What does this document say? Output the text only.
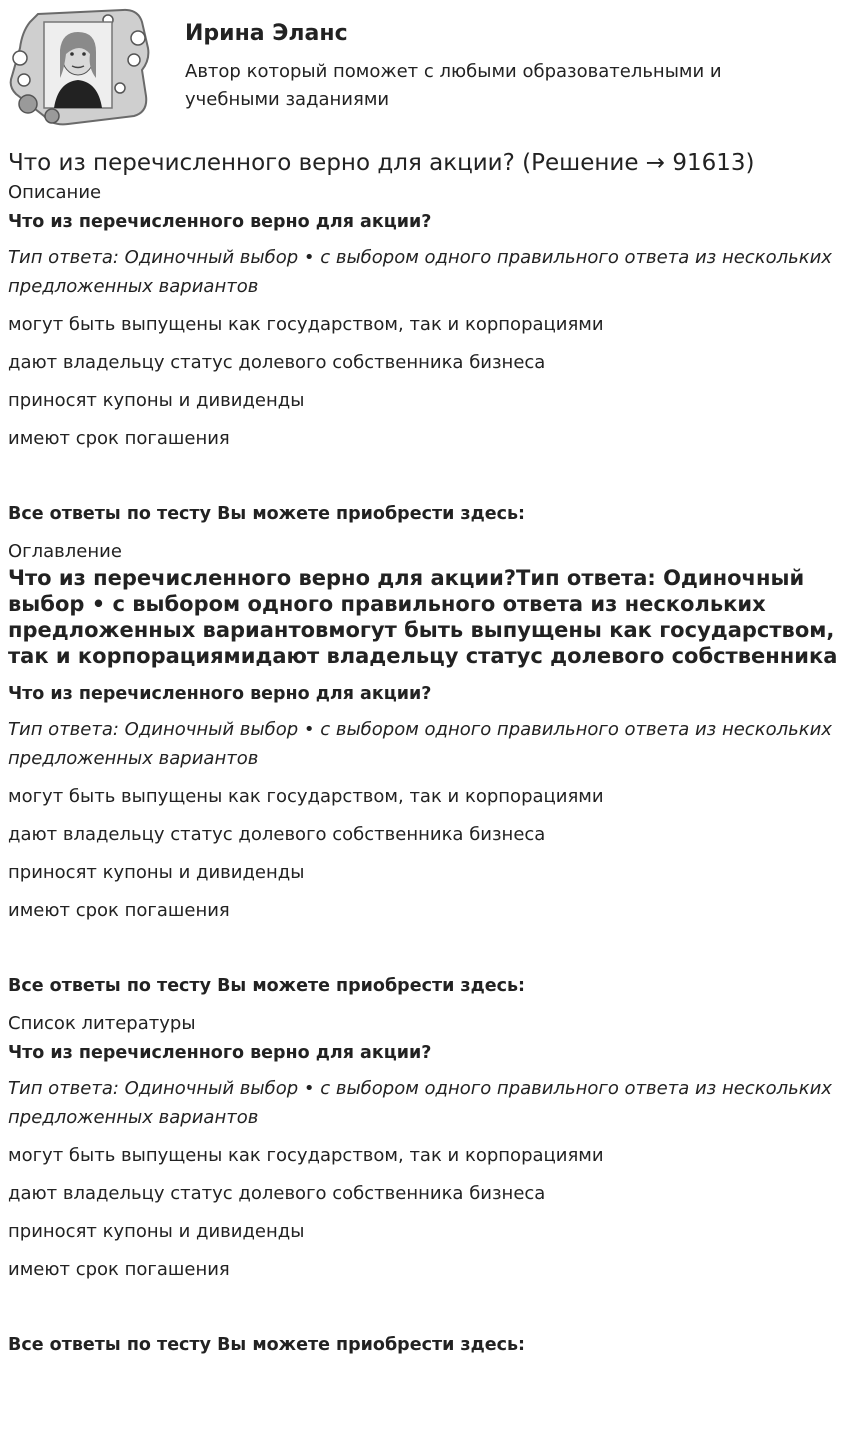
Ирина Эланс
Автор который поможет с любыми образовательными и учебными заданиями
Что из перечисленного верно для акции? (Решение → 91613)
Описание
Что из перечисленного верно для акции?
Тип ответа: Одиночный выбор • с выбором одного правильного ответа из нескольких предложенных вариантов
могут быть выпущены как государством, так и корпорациями
дают владельцу статус долевого собственника бизнеса
приносят купоны и дивиденды
имеют срок погашения
Все ответы по тесту Вы можете приобрести здесь:
Оглавление
Что из перечисленного верно для акции?Тип ответа: Одиночный выбор • с выбором одного правильного ответа из нескольких предложенных вариантовмогут быть выпущены как государством, так и корпорациямидают владельцу статус долевого собственника
Что из перечисленного верно для акции?
Тип ответа: Одиночный выбор • с выбором одного правильного ответа из нескольких предложенных вариантов
могут быть выпущены как государством, так и корпорациями
дают владельцу статус долевого собственника бизнеса
приносят купоны и дивиденды
имеют срок погашения
Все ответы по тесту Вы можете приобрести здесь:
Список литературы
Что из перечисленного верно для акции?
Тип ответа: Одиночный выбор • с выбором одного правильного ответа из нескольких предложенных вариантов
могут быть выпущены как государством, так и корпорациями
дают владельцу статус долевого собственника бизнеса
приносят купоны и дивиденды
имеют срок погашения
Все ответы по тесту Вы можете приобрести здесь:
